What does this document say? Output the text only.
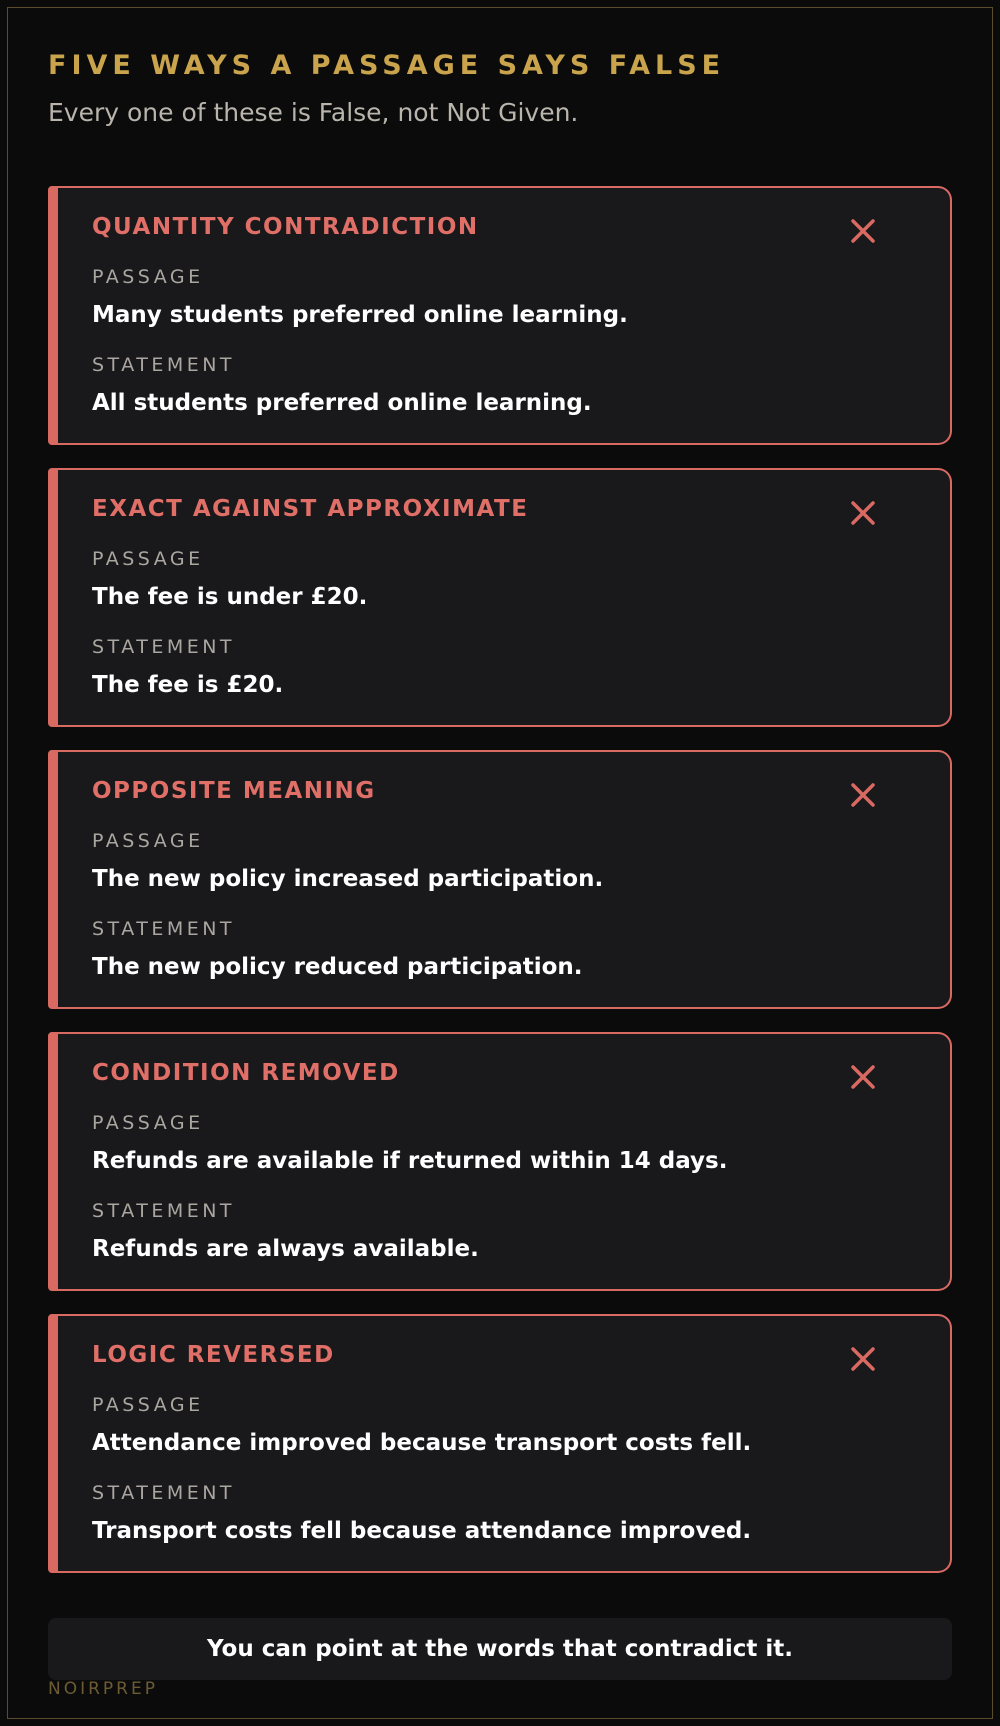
FIVE WAYS A PASSAGE SAYS FALSE
Every one of these is False, not Not Given.
QUANTITY CONTRADICTION
PASSAGE
Many students preferred online learning.
STATEMENT
All students preferred online learning.
EXACT AGAINST APPROXIMATE
PASSAGE
The fee is under £20.
STATEMENT
The fee is £20.
OPPOSITE MEANING
PASSAGE
The new policy increased participation.
STATEMENT
The new policy reduced participation.
CONDITION REMOVED
PASSAGE
Refunds are available if returned within 14 days.
STATEMENT
Refunds are always available.
LOGIC REVERSED
PASSAGE
Attendance improved because transport costs fell.
STATEMENT
Transport costs fell because attendance improved.
You can point at the words that contradict it.
NOIRPREP
